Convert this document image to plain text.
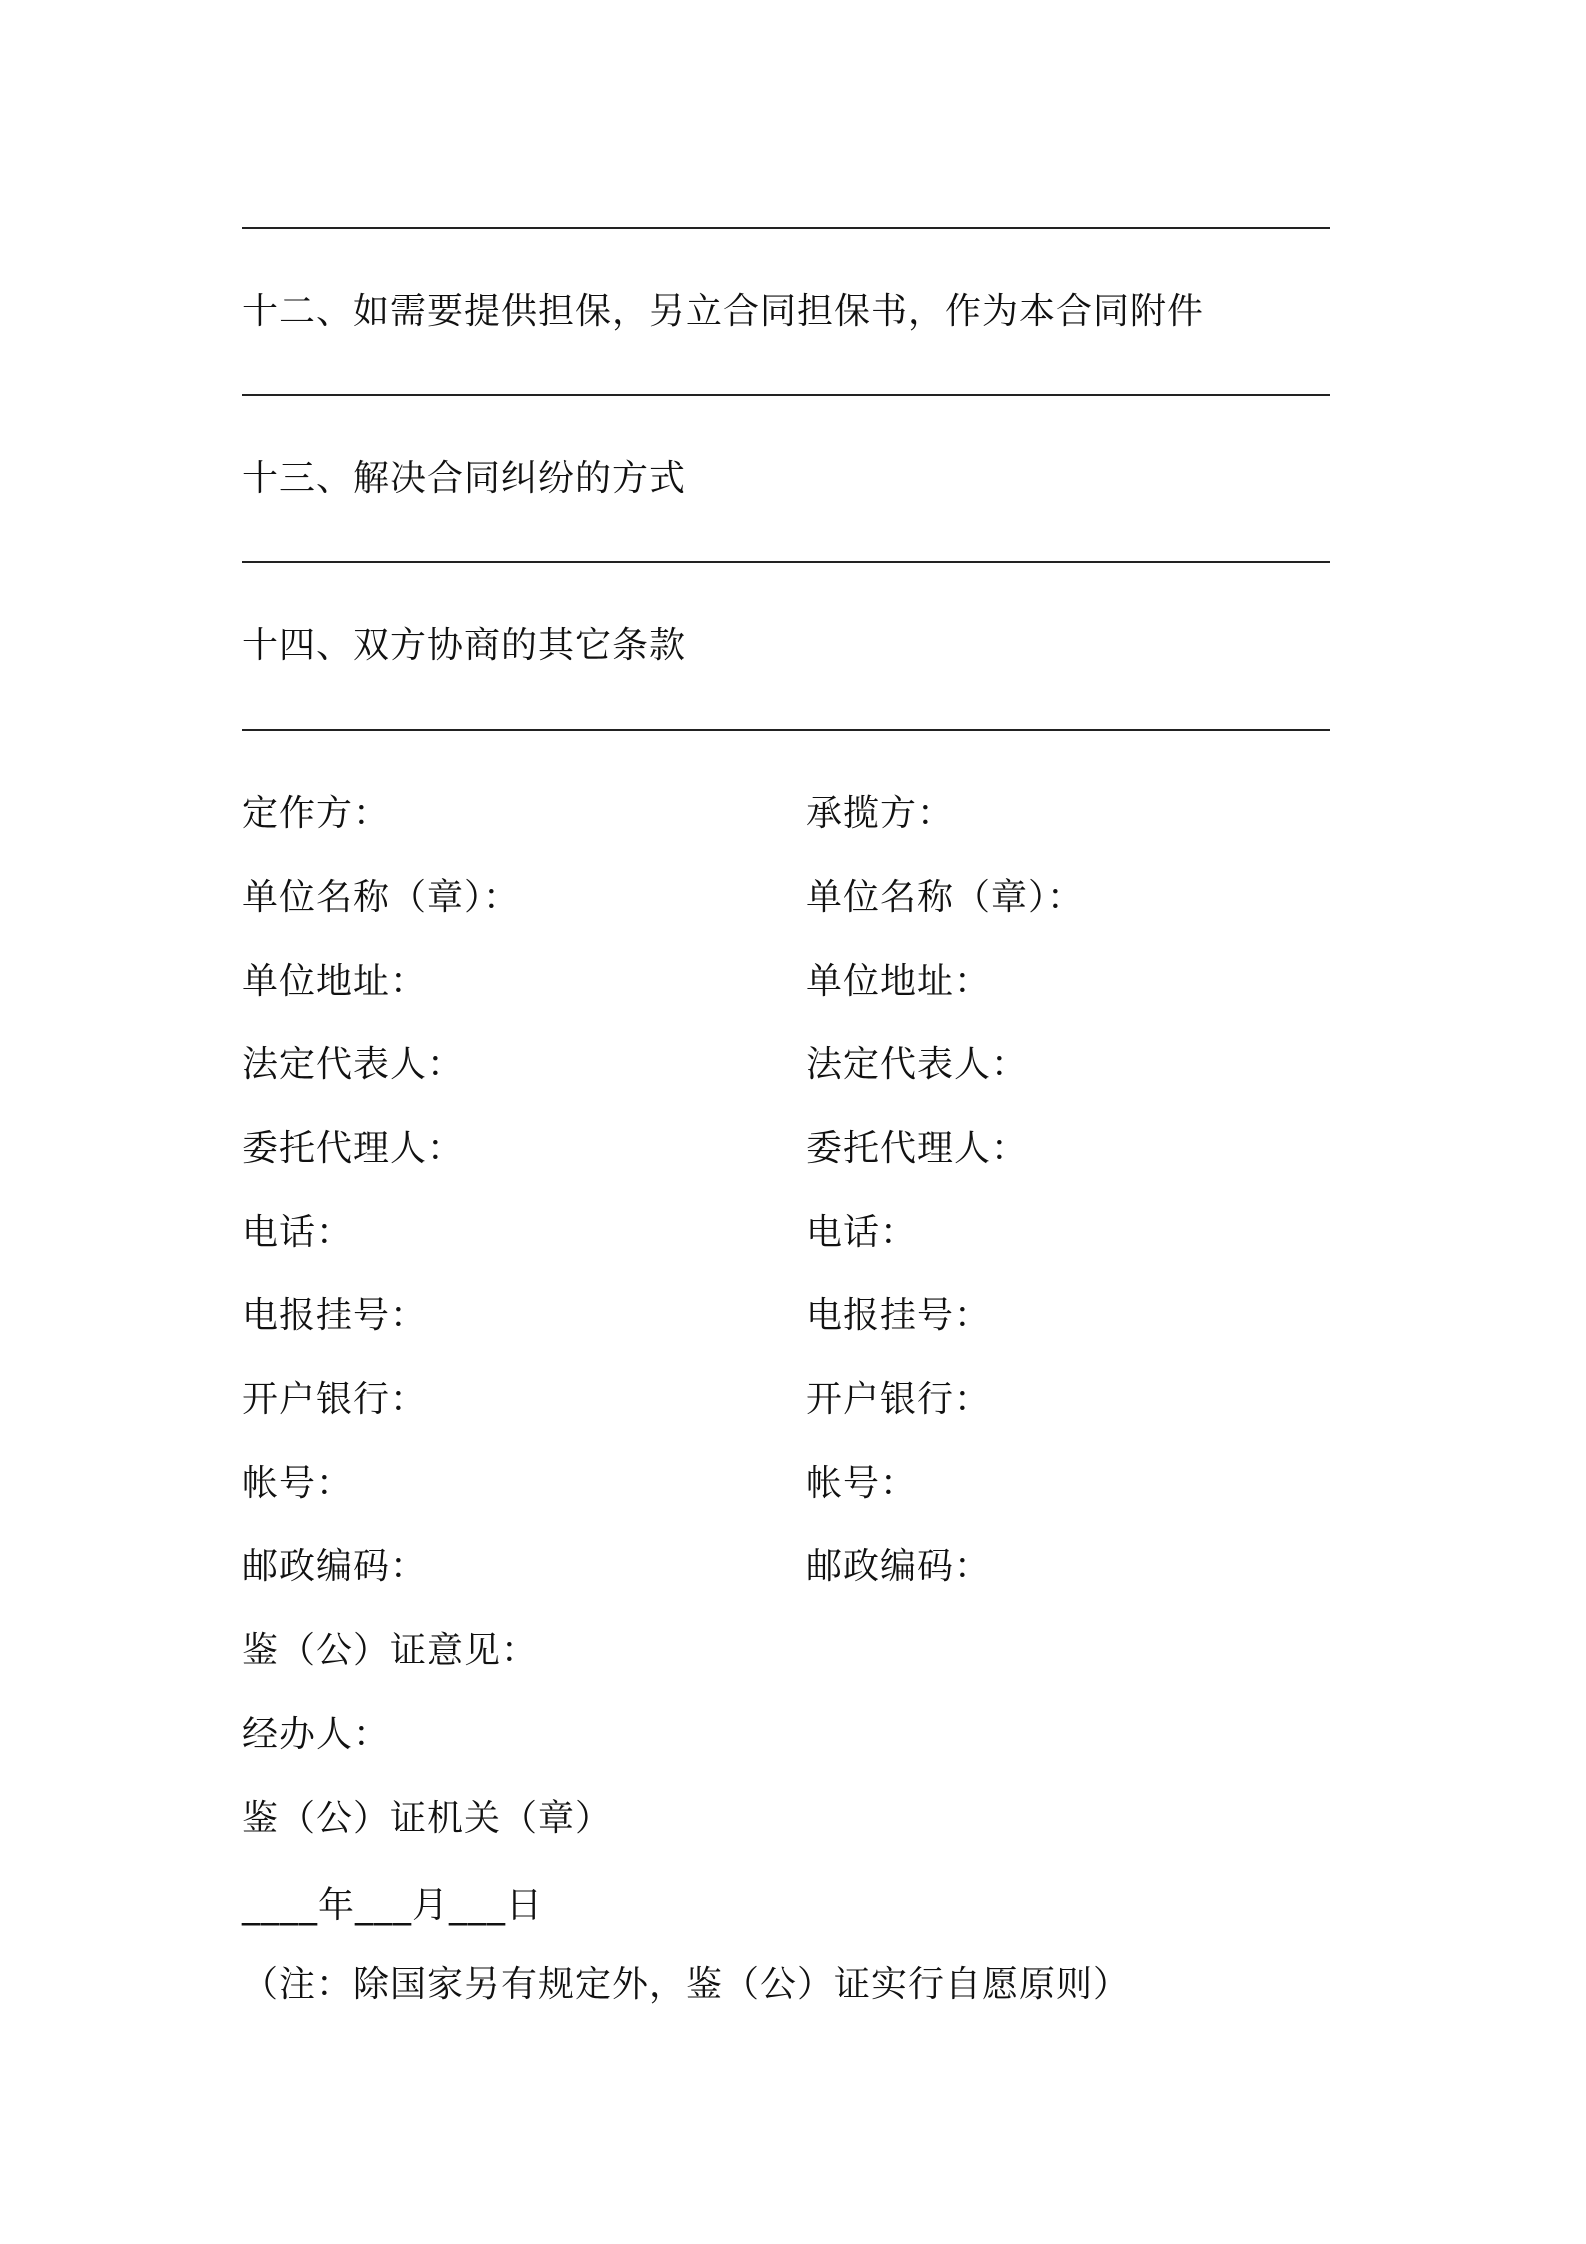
十二、如需要提供担保，另立合同担保书，作为本合同附件
十三、解决合同纠纷的方式
十四、双方协商的其它条款
定作方：
单位名称（章）：
单位地址：
法定代表人：
委托代理人：
电话：
电报挂号：
开户银行：
帐号：
邮政编码：
承揽方：
单位名称（章）：
单位地址：
法定代表人：
委托代理人：
电话：
电报挂号：
开户银行：
帐号：
邮政编码：
鉴（公）证意见：
经办人：
鉴（公）证机关（章）
____年___月___日
（注：除国家另有规定外，鉴（公）证实行自愿原则）
